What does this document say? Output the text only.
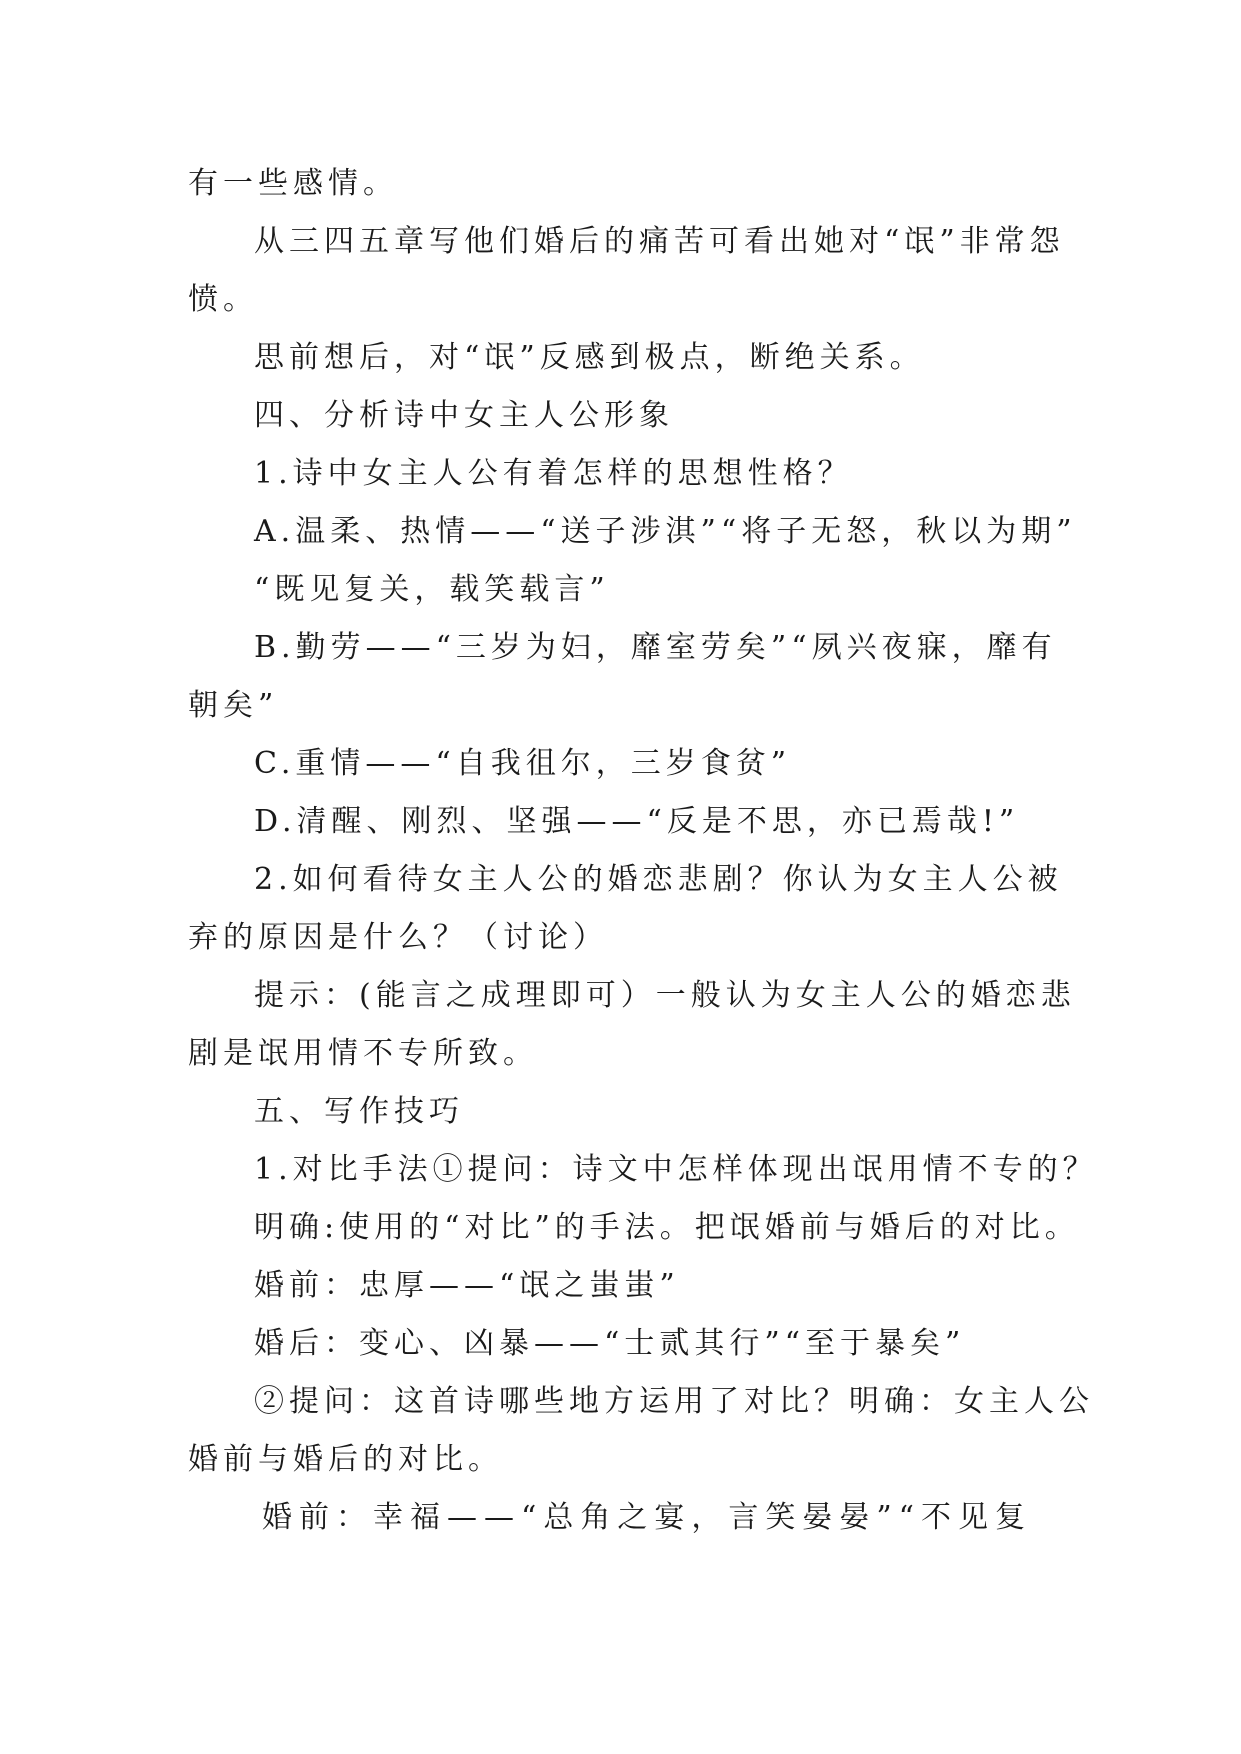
有一些感情。
从三四五章写他们婚后的痛苦可看出她对“氓”非常怨
愤。
思前想后，对“氓”反感到极点，断绝关系。
四、分析诗中女主人公形象
1.诗中女主人公有着怎样的思想性格？
A.温柔、热情——“送子涉淇”“将子无怒，秋以为期”
“既见复关，载笑载言”
B.勤劳——“三岁为妇，靡室劳矣”“夙兴夜寐，靡有
朝矣”
C.重情——“自我徂尔，三岁食贫”
D.清醒、刚烈、坚强——“反是不思，亦已焉哉!”
2.如何看待女主人公的婚恋悲剧？你认为女主人公被
弃的原因是什么？（讨论）
提示：(能言之成理即可）一般认为女主人公的婚恋悲
剧是氓用情不专所致。
五、写作技巧
1.对比手法①提问：诗文中怎样体现出氓用情不专的？
明确:使用的“对比”的手法。把氓婚前与婚后的对比。
婚前：忠厚——“氓之蚩蚩”
婚后：变心、凶暴——“士贰其行”“至于暴矣”
②提问：这首诗哪些地方运用了对比？明确：女主人公
婚前与婚后的对比。
婚前：幸福——“总角之宴，言笑晏晏”“不见复
